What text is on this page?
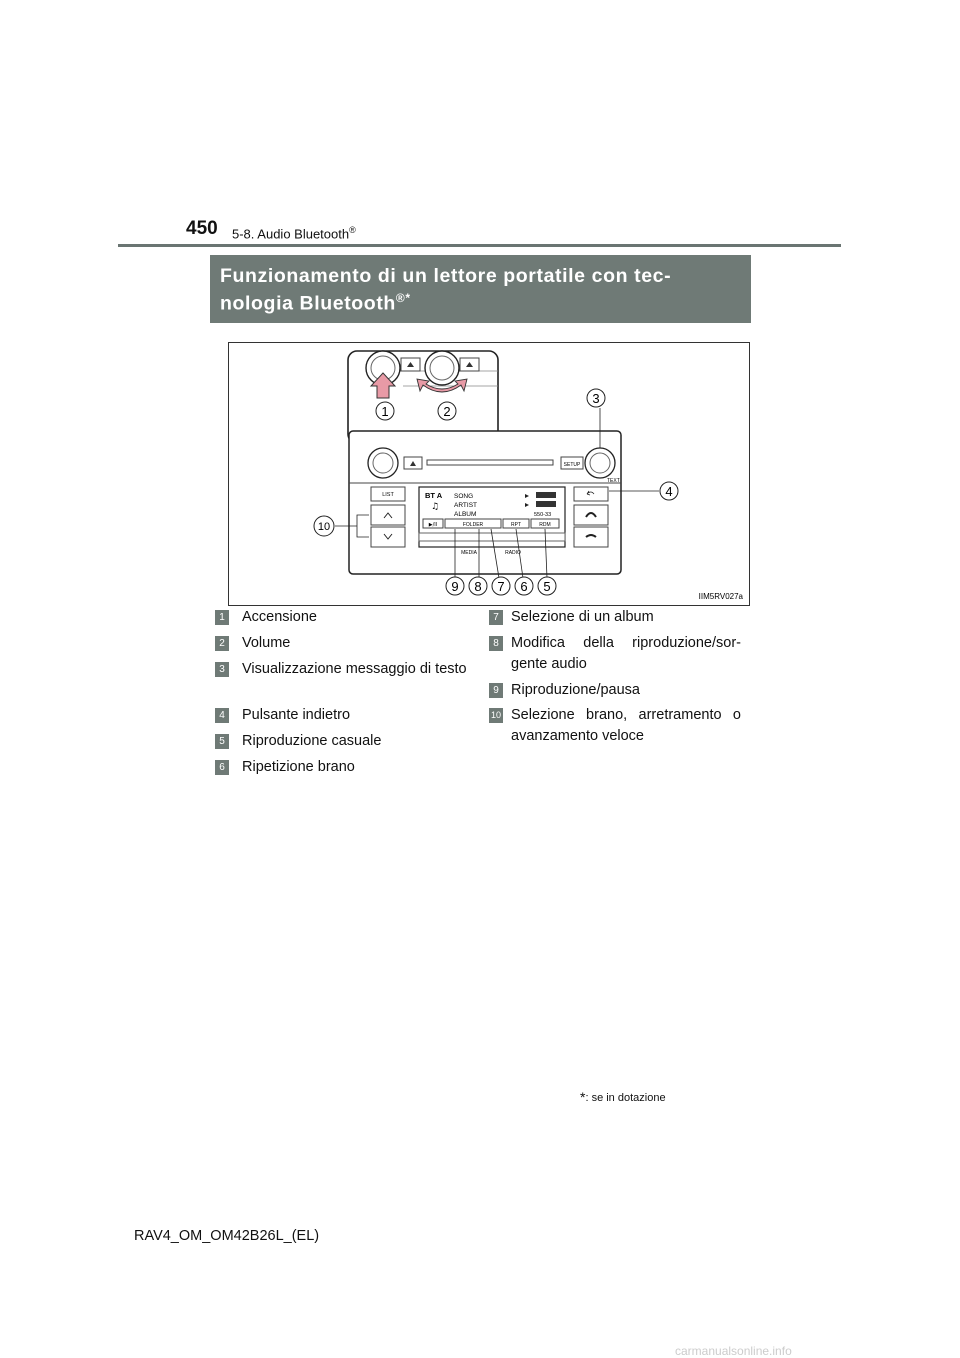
450 5-8. Audio Bluetooth®
Funzionamento di un lettore portatile con tec-
nologia Bluetooth®*
1	2
SETUP
TEXT
LIST	BT A SONG
ARTIST
ALBUM
♫
550-33
▶/II	FOLDER	RPT	RDM
MEDIA	RADIO
3
4
10
9 8 7 6 5
IIM5RV027a
1 Accensione
2 Volume
3 Visualizzazione messaggio di testo
4 Pulsante indietro
5 Riproduzione casuale
6 Ripetizione brano
7 Selezione di un album
8 Modifica della riproduzione/sor-gente audio
9 Riproduzione/pausa
10 Selezione brano, arretramento o avanzamento veloce
*: se in dotazione
RAV4_OM_OM42B26L_(EL)
carmanualsonline.info
